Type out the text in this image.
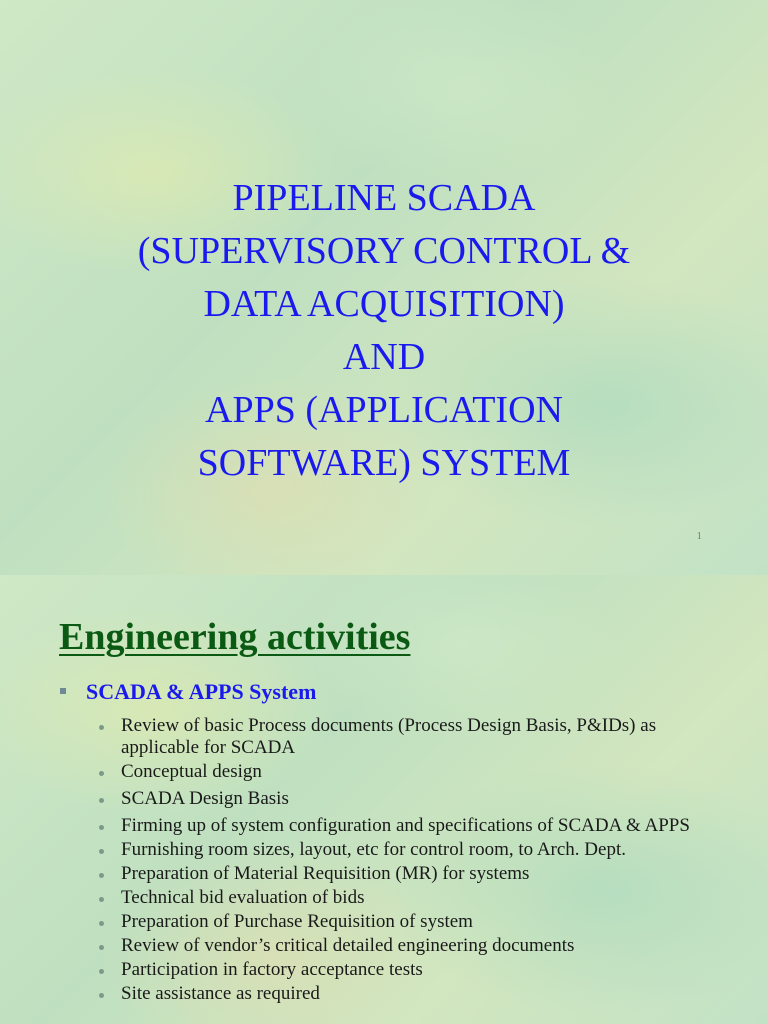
PIPELINE SCADA
(SUPERVISORY CONTROL &
DATA ACQUISITION)
AND
APPS (APPLICATION
SOFTWARE) SYSTEM
1
Engineering activities
SCADA & APPS System
Review of basic Process documents (Process Design Basis, P&IDs) as applicable for SCADA
Conceptual design
SCADA Design Basis
Firming up of system configuration and specifications of SCADA & APPS
Furnishing room sizes, layout, etc for control room, to Arch. Dept.
Preparation of Material Requisition (MR) for systems
Technical bid evaluation of bids
Preparation of Purchase Requisition of system
Review of vendor’s critical detailed engineering documents
Participation in factory acceptance tests
Site assistance as required
